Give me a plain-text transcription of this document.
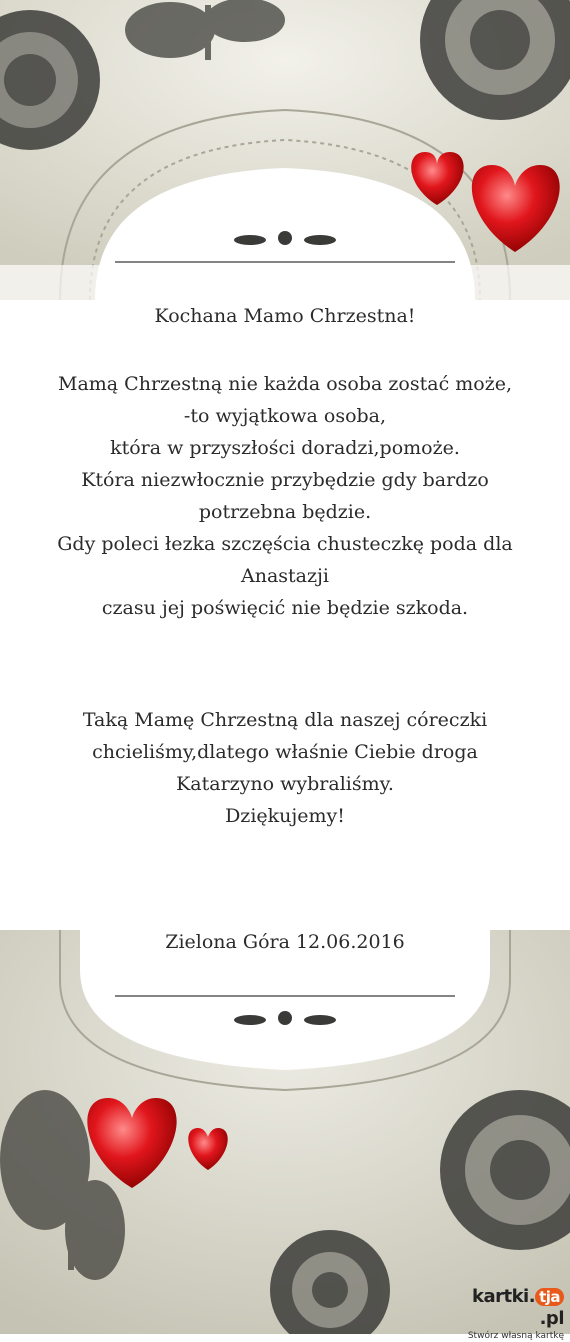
Kochana Mamo Chrzestna!
Mamą Chrzestną nie każda osoba zostać może,
-to wyjątkowa osoba,
która w przyszłości doradzi,pomoże.
Która niezwłocznie przybędzie gdy bardzo
potrzebna będzie.
Gdy poleci łezka szczęścia chusteczkę poda dla
Anastazji
czasu jej poświęcić nie będzie szkoda.
Taką Mamę Chrzestną dla naszej córeczki
chcieliśmy,dlatego właśnie Ciebie droga
Katarzyno wybraliśmy.
Dziękujemy!
Zielona Góra 12.06.2016
kartki. tja.pl
Stwórz własną kartkę
